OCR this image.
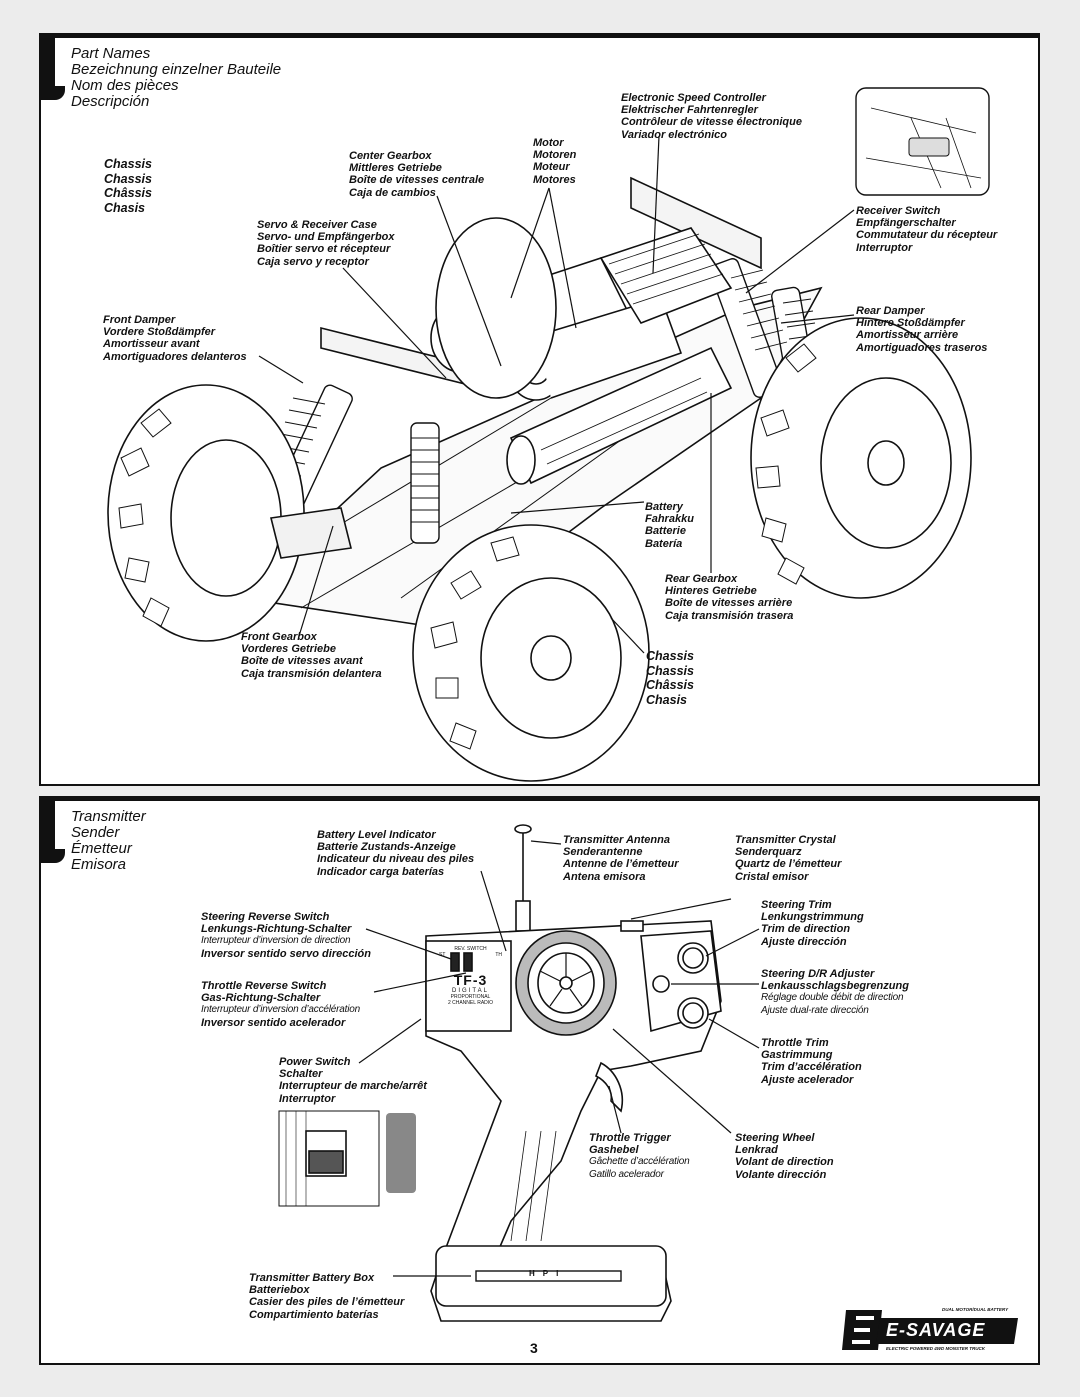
Part Names
Bezeichnung einzelner Bauteile
Nom des pièces
Descripción	Electronic Speed Controller
Elektrischer Fahrtenregler
Contrôleur de vitesse électronique
Variador electrónico
Motor
Motoren
Moteur
Motores
Center Gearbox
Mittleres Getriebe
Boîte de vitesses centrale
Caja de cambios
Chassis
Chassis
Châssis
Chasis
Servo & Receiver Case
Servo- und Empfängerbox
Boîtier servo et récepteur
Caja servo y receptor
Receiver Switch
Empfängerschalter
Commutateur du récepteur
Interruptor
Front Damper
Vordere Stoßdämpfer
Amortisseur avant
Amortiguadores delanteros
Rear Damper
Hintere Stoßdämpfer
Amortisseur arrière
Amortiguadores traseros
Battery
Fahrakku
Batterie
Batería
Rear Gearbox
Hinteres Getriebe
Boîte de vitesses arrière
Caja transmisión trasera
Front Gearbox
Vorderes Getriebe
Boîte de vitesses avant
Caja transmisión delantera
Chassis
Chassis
Châssis
Chasis
Transmitter
Sender
Émetteur
Emisora
REV. SWITCH
ST	TH
TF-3
DIGITAL
PROPORTIONAL
2 CHANNEL RADIO
HPI
Battery Level Indicator
Batterie Zustands-Anzeige
Indicateur du niveau des piles
Indicador carga baterías
Transmitter Antenna
Senderantenne
Antenne de l’émetteur
Antena emisora
Transmitter Crystal
Senderquarz
Quartz de l’émetteur
Cristal emisor
Steering Reverse Switch
Lenkungs-Richtung-Schalter
Interrupteur d’inversion de direction
Inversor sentido servo dirección
Steering Trim
Lenkungstrimmung
Trim de direction
Ajuste dirección
Throttle Reverse Switch
Gas-Richtung-Schalter
Interrupteur d’inversion d’accélération
Inversor sentido acelerador
Steering D/R Adjuster
Lenkausschlagsbegrenzung
Réglage double débit de direction
Ajuste dual-rate dirección
Power Switch
Schalter
Interrupteur de marche/arrêt
Interruptor
Throttle Trim
Gastrimmung
Trim d’accélération
Ajuste acelerador
Throttle Trigger
Gashebel
Gâchette d’accélération
Gatillo acelerador
Steering Wheel
Lenkrad
Volant de direction
Volante dirección
Transmitter Battery Box
Batteriebox
Casier des piles de l’émetteur
Compartimiento baterías
3
DUAL MOTOR/DUAL BATTERY
E-SAVAGE
ELECTRIC POWERED 4WD MONSTER TRUCK
